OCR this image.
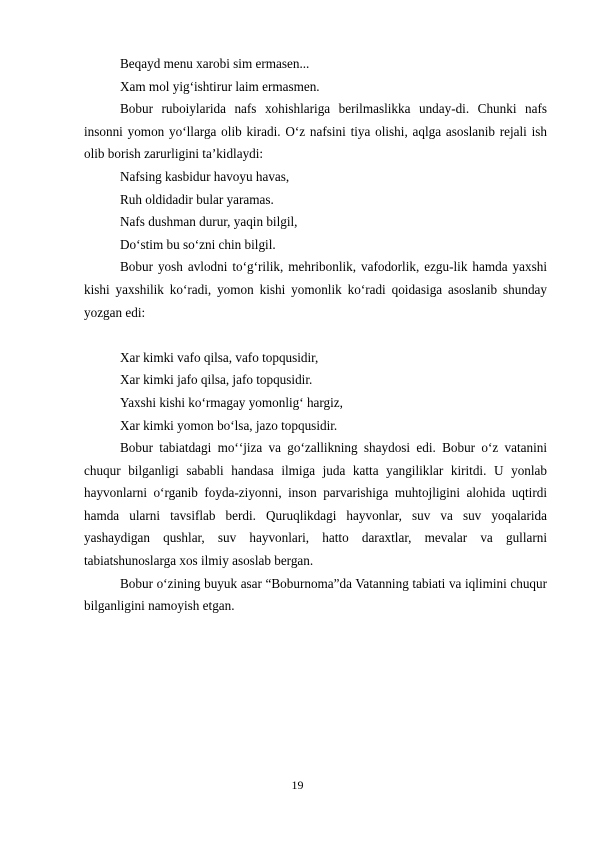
Beqayd menu xarobi sim ermasen...

Xam mol yigʻishtirur laim ermasmen.

Bobur ruboiylarida nafs xohishlariga berilmaslikka unday-di. Chunki nafs insonni yomon yoʻllarga olib kiradi. Oʻz nafsini tiya olishi, aqlga asoslanib rejali ish olib borish zarurligini taʼkidlaydi:

Nafsing kasbidur havoyu havas,

Ruh oldidadir bular yaramas.

Nafs dushman durur, yaqin bilgil,

Doʻstim bu soʻzni chin bilgil.

Bobur yosh avlodni toʻgʻrilik, mehribonlik, vafodorlik, ezgu-lik hamda yaxshi kishi yaxshilik koʻradi, yomon kishi yomonlik koʻradi qoidasiga asoslanib shunday yozgan edi:

Xar kimki vafo qilsa, vafo topqusidir,

Xar kimki jafo qilsa, jafo topqusidir.

Yaxshi kishi koʻrmagay yomonligʻ hargiz,

Xar kimki yomon boʻlsa, jazo topqusidir.

Bobur tabiatdagi moʻʻjiza va goʻzallikning shaydosi edi. Bobur oʻz vatanini chuqur bilganligi sababli handasa ilmiga juda katta yangiliklar kiritdi. U yonlab hayvonlarni oʻrganib foyda-ziyonni, inson parvarishiga muhtojligini alohida uqtirdi hamda ularni tavsiflab berdi. Quruqlikdagi hayvonlar, suv va suv yoqalarida yashaydigan qushlar, suv hayvonlari, hatto daraxtlar, mevalar va gullarni tabiatshunoslarga xos ilmiy asoslab bergan.

Bobur oʻzining buyuk asar “Boburnoma”da Vatanning tabiati va iqlimini chuqur bilganligini namoyish etgan.

19
